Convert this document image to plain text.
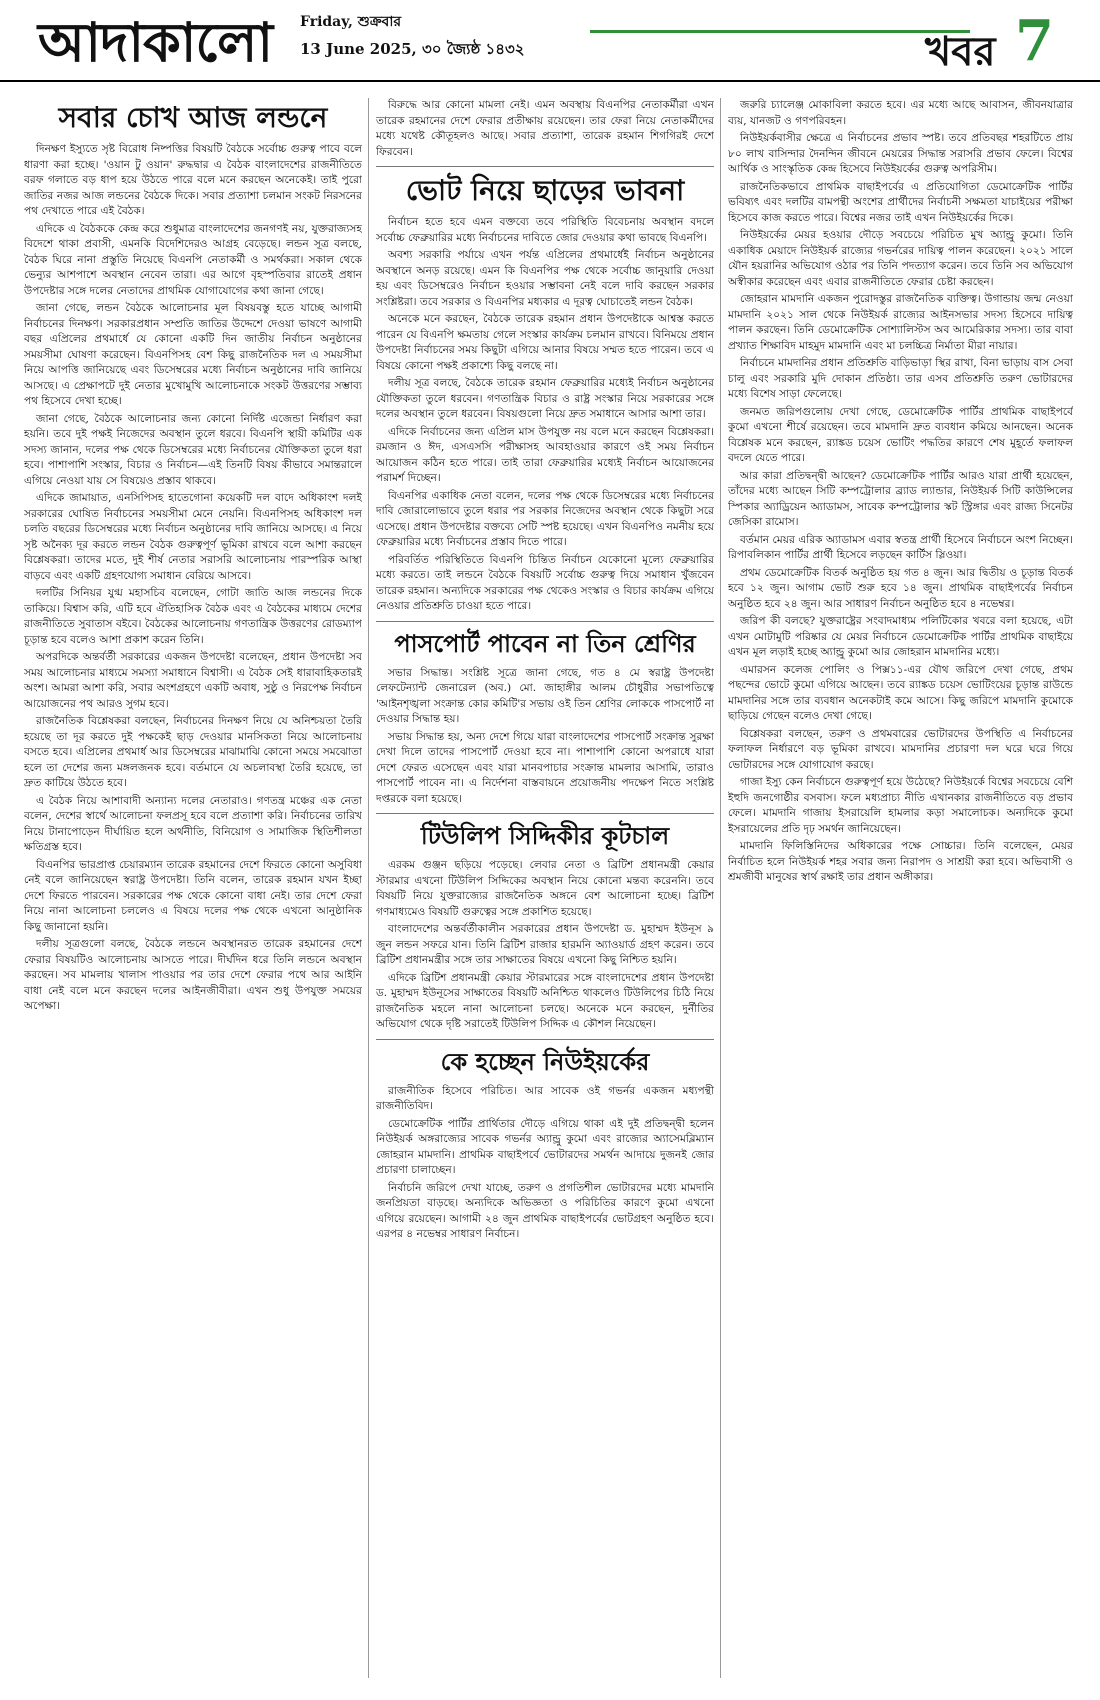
আদাকালো Friday, শুক্রবার
13 June 2025, ৩০ জ্যৈষ্ঠ ১৪৩২	খবর 7
সবার চোখ আজ লন্ডনে

দিনক্ষণ ইস্যুতে সৃষ্ট বিরোধ নিষ্পত্তির বিষয়টি বৈঠকে সর্বোচ্চ গুরুত্ব পাবে বলে ধারণা করা হচ্ছে। 'ওয়ান টু ওয়ান' রুদ্ধদ্বার এ বৈঠক বাংলাদেশের রাজনীতিতে বরফ গলাতে বড় ধাপ হয়ে উঠতে পারে বলে মনে করছেন অনেকেই। তাই পুরো জাতির নজর আজ লন্ডনের বৈঠকে দিকে। সবার প্রত্যাশা চলমান সংকট নিরসনের পথ দেখাতে পারে এই বৈঠক।

এদিকে এ বৈঠককে কেন্দ্র করে শুধুমাত্র বাংলাদেশের জনগণই নয়, যুক্তরাজ্যসহ বিদেশে থাকা প্রবাসী, এমনকি বিদেশিদেরও আগ্রহ বেড়েছে। লন্ডন সূত্র বলছে, বৈঠক ঘিরে নানা প্রস্তুতি নিয়েছে বিএনপি নেতাকর্মী ও সমর্থকরা। সকাল থেকে ভেন্যুর আশপাশে অবস্থান নেবেন তারা। এর আগে বৃহস্পতিবার রাতেই প্রধান উপদেষ্টার সঙ্গে দলের নেতাদের প্রাথমিক যোগাযোগের কথা জানা গেছে।

জানা গেছে, লন্ডন বৈঠকে আলোচনার মূল বিষয়বস্তু হতে যাচ্ছে আগামী নির্বাচনের দিনক্ষণ। সরকারপ্রধান সম্প্রতি জাতির উদ্দেশে দেওয়া ভাষণে আগামী বছর এপ্রিলের প্রথমার্ধে যে কোনো একটি দিন জাতীয় নির্বাচন অনুষ্ঠানের সময়সীমা ঘোষণা করেছেন। বিএনপিসহ বেশ কিছু রাজনৈতিক দল এ সময়সীমা নিয়ে আপত্তি জানিয়েছে এবং ডিসেম্বরের মধ্যে নির্বাচন অনুষ্ঠানের দাবি জানিয়ে আসছে। এ প্রেক্ষাপটে দুই নেতার মুখোমুখি আলোচনাকে সংকট উত্তরণের সম্ভাব্য পথ হিসেবে দেখা হচ্ছে।

জানা গেছে, বৈঠকে আলোচনার জন্য কোনো নির্দিষ্ট এজেন্ডা নির্ধারণ করা হয়নি। তবে দুই পক্ষই নিজেদের অবস্থান তুলে ধরবে। বিএনপি স্থায়ী কমিটির এক সদস্য জানান, দলের পক্ষ থেকে ডিসেম্বরের মধ্যে নির্বাচনের যৌক্তিকতা তুলে ধরা হবে। পাশাপাশি সংস্কার, বিচার ও নির্বাচন—এই তিনটি বিষয় কীভাবে সমান্তরালে এগিয়ে নেওয়া যায় সে বিষয়েও প্রস্তাব থাকবে।

এদিকে জামায়াত, এনসিপিসহ হাতেগোনা কয়েকটি দল বাদে অধিকাংশ দলই সরকারের ঘোষিত নির্বাচনের সময়সীমা মেনে নেয়নি। বিএনপিসহ অধিকাংশ দল চলতি বছরের ডিসেম্বরের মধ্যে নির্বাচন অনুষ্ঠানের দাবি জানিয়ে আসছে। এ নিয়ে সৃষ্ট অনৈক্য দূর করতে লন্ডন বৈঠক গুরুত্বপূর্ণ ভূমিকা রাখবে বলে আশা করছেন বিশ্লেষকরা। তাদের মতে, দুই শীর্ষ নেতার সরাসরি আলোচনায় পারস্পরিক আস্থা বাড়বে এবং একটি গ্রহণযোগ্য সমাধান বেরিয়ে আসবে।

দলটির সিনিয়র যুগ্ম মহাসচিব বলেছেন, গোটা জাতি আজ লন্ডনের দিকে তাকিয়ে। বিশ্বাস করি, এটি হবে ঐতিহাসিক বৈঠক এবং এ বৈঠকের মাধ্যমে দেশের রাজনীতিতে সুবাতাস বইবে। বৈঠকের আলোচনায় গণতান্ত্রিক উত্তরণের রোডম্যাপ চূড়ান্ত হবে বলেও আশা প্রকাশ করেন তিনি।

অপরদিকে অন্তর্বর্তী সরকারের একজন উপদেষ্টা বলেছেন, প্রধান উপদেষ্টা সব সময় আলোচনার মাধ্যমে সমস্যা সমাধানে বিশ্বাসী। এ বৈঠক সেই ধারাবাহিকতারই অংশ। আমরা আশা করি, সবার অংশগ্রহণে একটি অবাধ, সুষ্ঠু ও নিরপেক্ষ নির্বাচন আয়োজনের পথ আরও সুগম হবে।

রাজনৈতিক বিশ্লেষকরা বলছেন, নির্বাচনের দিনক্ষণ নিয়ে যে অনিশ্চয়তা তৈরি হয়েছে তা দূর করতে দুই পক্ষকেই ছাড় দেওয়ার মানসিকতা নিয়ে আলোচনায় বসতে হবে। এপ্রিলের প্রথমার্ধ আর ডিসেম্বরের মাঝামাঝি কোনো সময়ে সমঝোতা হলে তা দেশের জন্য মঙ্গলজনক হবে। বর্তমানে যে অচলাবস্থা তৈরি হয়েছে, তা দ্রুত কাটিয়ে উঠতে হবে।

এ বৈঠক নিয়ে আশাবাদী অন্যান্য দলের নেতারাও। গণতন্ত্র মঞ্চের এক নেতা বলেন, দেশের স্বার্থে আলোচনা ফলপ্রসূ হবে বলে প্রত্যাশা করি। নির্বাচনের তারিখ নিয়ে টানাপোড়েন দীর্ঘায়িত হলে অর্থনীতি, বিনিয়োগ ও সামাজিক স্থিতিশীলতা ক্ষতিগ্রস্ত হবে।

বিএনপির ভারপ্রাপ্ত চেয়ারম্যান তারেক রহমানের দেশে ফিরতে কোনো অসুবিধা নেই বলে জানিয়েছেন স্বরাষ্ট্র উপদেষ্টা। তিনি বলেন, তারেক রহমান যখন ইচ্ছা দেশে ফিরতে পারবেন। সরকারের পক্ষ থেকে কোনো বাধা নেই। তার দেশে ফেরা নিয়ে নানা আলোচনা চললেও এ বিষয়ে দলের পক্ষ থেকে এখনো আনুষ্ঠানিক কিছু জানানো হয়নি।

দলীয় সূত্রগুলো বলছে, বৈঠকে লন্ডনে অবস্থানরত তারেক রহমানের দেশে ফেরার বিষয়টিও আলোচনায় আসতে পারে। দীর্ঘদিন ধরে তিনি লন্ডনে অবস্থান করছেন। সব মামলায় খালাস পাওয়ার পর তার দেশে ফেরার পথে আর আইনি বাধা নেই বলে মনে করছেন দলের আইনজীবীরা। এখন শুধু উপযুক্ত সময়ের অপেক্ষা।

বিরুদ্ধে আর কোনো মামলা নেই। এমন অবস্থায় বিএনপির নেতাকর্মীরা এখন তারেক রহমানের দেশে ফেরার প্রতীক্ষায় রয়েছেন। তার ফেরা নিয়ে নেতাকর্মীদের মধ্যে যথেষ্ট কৌতূহলও আছে। সবার প্রত্যাশা, তারেক রহমান শিগগিরই দেশে ফিরবেন।

ভোট নিয়ে ছাড়ের ভাবনা

নির্বাচন হতে হবে এমন বক্তব্যে তবে পরিস্থিতি বিবেচনায় অবস্থান বদলে সর্বোচ্চ ফেব্রুয়ারির মধ্যে নির্বাচনের দাবিতে জোর দেওয়ার কথা ভাবছে বিএনপি।

অবশ্য সরকারি পর্যায়ে এখন পর্যন্ত এপ্রিলের প্রথমার্ধেই নির্বাচন অনুষ্ঠানের অবস্থানে অনড় রয়েছে। এমন কি বিএনপির পক্ষ থেকে সর্বোচ্চ জানুয়ারি দেওয়া হয় এবং ডিসেম্বরেও নির্বাচন হওয়ার সম্ভাবনা নেই বলে দাবি করছেন সরকার সংশ্লিষ্টরা। তবে সরকার ও বিএনপির মধ্যকার এ দূরত্ব ঘোচাতেই লন্ডন বৈঠক।

অনেকে মনে করছেন, বৈঠকে তারেক রহমান প্রধান উপদেষ্টাকে আশ্বস্ত করতে পারেন যে বিএনপি ক্ষমতায় গেলে সংস্কার কার্যক্রম চলমান রাখবে। বিনিময়ে প্রধান উপদেষ্টা নির্বাচনের সময় কিছুটা এগিয়ে আনার বিষয়ে সম্মত হতে পারেন। তবে এ বিষয়ে কোনো পক্ষই প্রকাশ্যে কিছু বলছে না।

দলীয় সূত্র বলছে, বৈঠকে তারেক রহমান ফেব্রুয়ারির মধ্যেই নির্বাচন অনুষ্ঠানের যৌক্তিকতা তুলে ধরবেন। গণতান্ত্রিক বিচার ও রাষ্ট্র সংস্কার নিয়ে সরকারের সঙ্গে দলের অবস্থান তুলে ধরবেন। বিষয়গুলো নিয়ে দ্রুত সমাধানে আসার আশা তার।

এদিকে নির্বাচনের জন্য এপ্রিল মাস উপযুক্ত নয় বলে মনে করছেন বিশ্লেষকরা। রমজান ও ঈদ, এসএসসি পরীক্ষাসহ আবহাওয়ার কারণে ওই সময় নির্বাচন আয়োজন কঠিন হতে পারে। তাই তারা ফেব্রুয়ারির মধ্যেই নির্বাচন আয়োজনের পরামর্শ দিচ্ছেন।

বিএনপির একাধিক নেতা বলেন, দলের পক্ষ থেকে ডিসেম্বরের মধ্যে নির্বাচনের দাবি জোরালোভাবে তুলে ধরার পর সরকার নিজেদের অবস্থান থেকে কিছুটা সরে এসেছে। প্রধান উপদেষ্টার বক্তব্যে সেটি স্পষ্ট হয়েছে। এখন বিএনপিও নমনীয় হয়ে ফেব্রুয়ারির মধ্যে নির্বাচনের প্রস্তাব দিতে পারে।

পরিবর্তিত পরিস্থিতিতে বিএনপি চিন্তিত নির্বাচন যেকোনো মূল্যে ফেব্রুয়ারির মধ্যে করতে। তাই লন্ডনে বৈঠকে বিষয়টি সর্বোচ্চ গুরুত্ব দিয়ে সমাধান খুঁজবেন তারেক রহমান। অন্যদিকে সরকারের পক্ষ থেকেও সংস্কার ও বিচার কার্যক্রম এগিয়ে নেওয়ার প্রতিশ্রুতি চাওয়া হতে পারে।

পাসপোর্ট পাবেন না তিন শ্রেণির

সভার সিদ্ধান্ত। সংশ্লিষ্ট সূত্রে জানা গেছে, গত ৪ মে স্বরাষ্ট্র উপদেষ্টা লেফটেন্যান্ট জেনারেল (অব.) মো. জাহাঙ্গীর আলম চৌধুরীর সভাপতিত্বে 'আইনশৃঙ্খলা সংক্রান্ত কোর কমিটি'র সভায় ওই তিন শ্রেণির লোককে পাসপোর্ট না দেওয়ার সিদ্ধান্ত হয়।

সভায় সিদ্ধান্ত হয়, অন্য দেশে গিয়ে যারা বাংলাদেশের পাসপোর্ট সংক্রান্ত সুরক্ষা দেখা দিলে তাদের পাসপোর্ট দেওয়া হবে না। পাশাপাশি কোনো অপরাধে যারা দেশে ফেরত এসেছেন এবং যারা মানবপাচার সংক্রান্ত মামলার আসামি, তারাও পাসপোর্ট পাবেন না। এ নির্দেশনা বাস্তবায়নে প্রয়োজনীয় পদক্ষেপ নিতে সংশ্লিষ্ট দপ্তরকে বলা হয়েছে।

টিউলিপ সিদ্দিকীর কূটচাল

এরকম গুঞ্জন ছড়িয়ে পড়েছে। লেবার নেতা ও ব্রিটিশ প্রধানমন্ত্রী কেয়ার স্টারমার এখনো টিউলিপ সিদ্দিকের অবস্থান নিয়ে কোনো মন্তব্য করেননি। তবে বিষয়টি নিয়ে যুক্তরাজ্যের রাজনৈতিক অঙ্গনে বেশ আলোচনা হচ্ছে। ব্রিটিশ গণমাধ্যমেও বিষয়টি গুরুত্বের সঙ্গে প্রকাশিত হয়েছে।

বাংলাদেশের অন্তর্বর্তীকালীন সরকারের প্রধান উপদেষ্টা ড. মুহাম্মদ ইউনূস ৯ জুন লন্ডন সফরে যান। তিনি ব্রিটিশ রাজার হারমনি অ্যাওয়ার্ড গ্রহণ করেন। তবে ব্রিটিশ প্রধানমন্ত্রীর সঙ্গে তার সাক্ষাতের বিষয়ে এখনো কিছু নিশ্চিত হয়নি।

এদিকে ব্রিটিশ প্রধানমন্ত্রী কেয়ার স্টারমারের সঙ্গে বাংলাদেশের প্রধান উপদেষ্টা ড. মুহাম্মদ ইউনূসের সাক্ষাতের বিষয়টি অনিশ্চিত থাকলেও টিউলিপের চিঠি নিয়ে রাজনৈতিক মহলে নানা আলোচনা চলছে। অনেকে মনে করছেন, দুর্নীতির অভিযোগ থেকে দৃষ্টি সরাতেই টিউলিপ সিদ্দিক এ কৌশল নিয়েছেন।

কে হচ্ছেন নিউইয়র্কের

রাজনীতিক হিসেবে পরিচিত। আর সাবেক ওই গভর্নর একজন মধ্যপন্থী রাজনীতিবিদ।

ডেমোক্রেটিক পার্টির প্রার্থিতার দৌড়ে এগিয়ে থাকা এই দুই প্রতিদ্বন্দ্বী হলেন নিউইয়র্ক অঙ্গরাজ্যের সাবেক গভর্নর অ্যান্ড্রু কুমো এবং রাজ্যের অ্যাসেমব্লিম্যান জোহরান মামদানি। প্রাথমিক বাছাইপর্বে ভোটারদের সমর্থন আদায়ে দুজনই জোর প্রচারণা চালাচ্ছেন।

নির্বাচনি জরিপে দেখা যাচ্ছে, তরুণ ও প্রগতিশীল ভোটারদের মধ্যে মামদানি জনপ্রিয়তা বাড়ছে। অন্যদিকে অভিজ্ঞতা ও পরিচিতির কারণে কুমো এখনো এগিয়ে রয়েছেন। আগামী ২৪ জুন প্রাথমিক বাছাইপর্বের ভোটগ্রহণ অনুষ্ঠিত হবে। এরপর ৪ নভেম্বর সাধারণ নির্বাচন।

জরুরি চ্যালেঞ্জ মোকাবিলা করতে হবে। এর মধ্যে আছে আবাসন, জীবনযাত্রার ব্যয়, যানজট ও গণপরিবহন।

নিউইয়র্কবাসীর ক্ষেত্রে এ নির্বাচনের প্রভাব স্পষ্ট। তবে প্রতিবছর শহরটিতে প্রায় ৮০ লাখ বাসিন্দার দৈনন্দিন জীবনে মেয়রের সিদ্ধান্ত সরাসরি প্রভাব ফেলে। বিশ্বের আর্থিক ও সাংস্কৃতিক কেন্দ্র হিসেবে নিউইয়র্কের গুরুত্ব অপরিসীম।

রাজনৈতিকভাবে প্রাথমিক বাছাইপর্বের এ প্রতিযোগিতা ডেমোক্রেটিক পার্টির ভবিষ্যৎ এবং দলটির বামপন্থী অংশের প্রার্থীদের নির্বাচনী সক্ষমতা যাচাইয়ের পরীক্ষা হিসেবে কাজ করতে পারে। বিশ্বের নজর তাই এখন নিউইয়র্কের দিকে।

নিউইয়র্কের মেয়র হওয়ার দৌড়ে সবচেয়ে পরিচিত মুখ অ্যান্ড্রু কুমো। তিনি একাধিক মেয়াদে নিউইয়র্ক রাজ্যের গভর্নরের দায়িত্ব পালন করেছেন। ২০২১ সালে যৌন হয়রানির অভিযোগ ওঠার পর তিনি পদত্যাগ করেন। তবে তিনি সব অভিযোগ অস্বীকার করেছেন এবং এবার রাজনীতিতে ফেরার চেষ্টা করছেন।

জোহরান মামদানি একজন পুরোদস্তুর রাজনৈতিক ব্যক্তিত্ব। উগান্ডায় জন্ম নেওয়া মামদানি ২০২১ সাল থেকে নিউইয়র্ক রাজ্যের আইনসভার সদস্য হিসেবে দায়িত্ব পালন করছেন। তিনি ডেমোক্রেটিক সোশ্যালিস্টস অব আমেরিকার সদস্য। তার বাবা প্রখ্যাত শিক্ষাবিদ মাহমুদ মামদানি এবং মা চলচ্চিত্র নির্মাতা মীরা নায়ার।

নির্বাচনে মামদানির প্রধান প্রতিশ্রুতি বাড়িভাড়া স্থির রাখা, বিনা ভাড়ায় বাস সেবা চালু এবং সরকারি মুদি দোকান প্রতিষ্ঠা। তার এসব প্রতিশ্রুতি তরুণ ভোটারদের মধ্যে বিশেষ সাড়া ফেলেছে।

জনমত জরিপগুলোয় দেখা গেছে, ডেমোক্রেটিক পার্টির প্রাথমিক বাছাইপর্বে কুমো এখনো শীর্ষে রয়েছেন। তবে মামদানি দ্রুত ব্যবধান কমিয়ে আনছেন। অনেক বিশ্লেষক মনে করছেন, র‍্যাঙ্কড চয়েস ভোটিং পদ্ধতির কারণে শেষ মুহূর্তে ফলাফল বদলে যেতে পারে।

আর কারা প্রতিদ্বন্দ্বী আছেন? ডেমোক্রেটিক পার্টির আরও যারা প্রার্থী হয়েছেন, তাঁদের মধ্যে আছেন সিটি কম্পট্রোলার ব্র্যাড ল্যান্ডার, নিউইয়র্ক সিটি কাউন্সিলের স্পিকার অ্যাড্রিয়েন অ্যাডামস, সাবেক কম্পট্রোলার স্কট স্ট্রিঙ্গার এবং রাজ্য সিনেটর জেসিকা রামোস।

বর্তমান মেয়র এরিক অ্যাডামস এবার স্বতন্ত্র প্রার্থী হিসেবে নির্বাচনে অংশ নিচ্ছেন। রিপাবলিকান পার্টির প্রার্থী হিসেবে লড়ছেন কার্টিস স্লিওয়া।

প্রথম ডেমোক্রেটিক বিতর্ক অনুষ্ঠিত হয় গত ৪ জুন। আর দ্বিতীয় ও চূড়ান্ত বিতর্ক হবে ১২ জুন। আগাম ভোট শুরু হবে ১৪ জুন। প্রাথমিক বাছাইপর্বের নির্বাচন অনুষ্ঠিত হবে ২৪ জুন। আর সাধারণ নির্বাচন অনুষ্ঠিত হবে ৪ নভেম্বর।

জরিপ কী বলছে? যুক্তরাষ্ট্রের সংবাদমাধ্যম পলিটিকোর খবরে বলা হয়েছে, এটা এখন মোটামুটি পরিষ্কার যে মেয়র নির্বাচনে ডেমোক্রেটিক পার্টির প্রাথমিক বাছাইয়ে এখন মূল লড়াই হচ্ছে অ্যান্ড্রু কুমো আর জোহরান মামদানির মধ্যে।

এমারসন কলেজ পোলিং ও পিক্স১১-এর যৌথ জরিপে দেখা গেছে, প্রথম পছন্দের ভোটে কুমো এগিয়ে আছেন। তবে র‍্যাঙ্কড চয়েস ভোটিংয়ের চূড়ান্ত রাউন্ডে মামদানির সঙ্গে তার ব্যবধান অনেকটাই কমে আসে। কিছু জরিপে মামদানি কুমোকে ছাড়িয়ে গেছেন বলেও দেখা গেছে।

বিশ্লেষকরা বলছেন, তরুণ ও প্রথমবারের ভোটারদের উপস্থিতি এ নির্বাচনের ফলাফল নির্ধারণে বড় ভূমিকা রাখবে। মামদানির প্রচারণা দল ঘরে ঘরে গিয়ে ভোটারদের সঙ্গে যোগাযোগ করছে।

গাজা ইস্যু কেন নির্বাচনে গুরুত্বপূর্ণ হয়ে উঠেছে? নিউইয়র্কে বিশ্বের সবচেয়ে বেশি ইহুদি জনগোষ্ঠীর বসবাস। ফলে মধ্যপ্রাচ্য নীতি এখানকার রাজনীতিতে বড় প্রভাব ফেলে। মামদানি গাজায় ইসরায়েলি হামলার কড়া সমালোচক। অন্যদিকে কুমো ইসরায়েলের প্রতি দৃঢ় সমর্থন জানিয়েছেন।

মামদানি ফিলিস্তিনিদের অধিকারের পক্ষে সোচ্চার। তিনি বলেছেন, মেয়র নির্বাচিত হলে নিউইয়র্ক শহর সবার জন্য নিরাপদ ও সাশ্রয়ী করা হবে। অভিবাসী ও শ্রমজীবী মানুষের স্বার্থ রক্ষাই তার প্রধান অঙ্গীকার।
